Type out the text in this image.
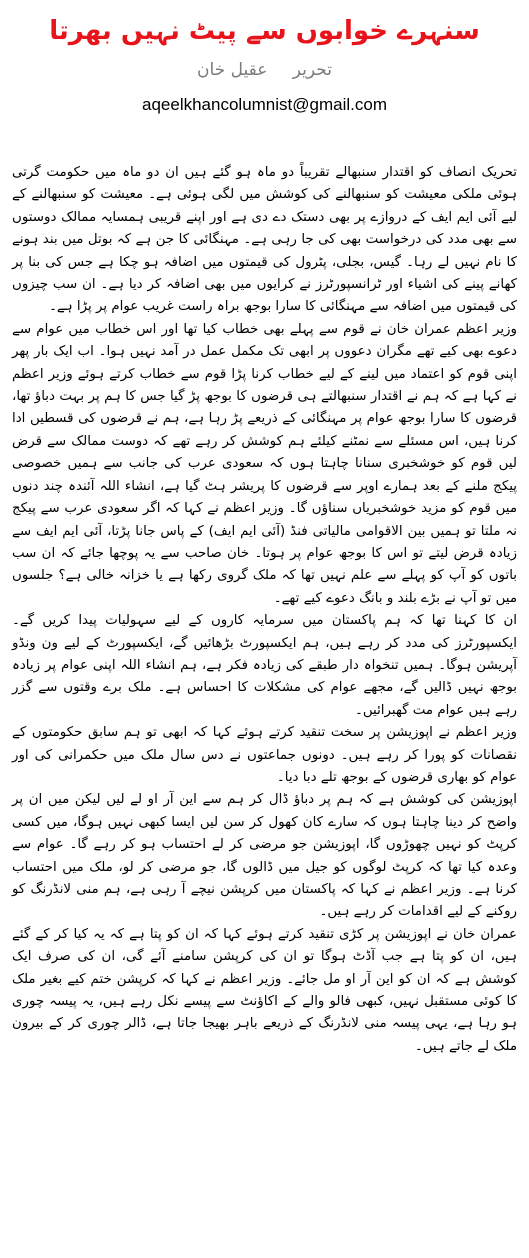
سنہرے خوابوں سے پیٹ نہیں بھرتا
تحریر عقیل خان
aqeelkhancolumnist@gmail.com

تحریک انصاف کو اقتدار سنبھالے تقریباً دو ماہ ہو گئے ہیں ان دو ماہ میں حکومت گرتی ہوئی ملکی معیشت کو سنبھالنے کی کوشش میں لگی ہوئی ہے۔ معیشت کو سنبھالنے کے لیے آئی ایم ایف کے دروازے پر بھی دستک دے دی ہے اور اپنے قریبی ہمسایہ ممالک دوستوں سے بھی مدد کی درخواست بھی کی جا رہی ہے۔ مہنگائی کا جن ہے کہ بوتل میں بند ہونے کا نام نہیں لے رہا۔ گیس، بجلی، پٹرول کی قیمتوں میں اضافہ ہو چکا ہے جس کی بنا پر کھانے پینے کی اشیاء اور ٹرانسپورٹرز نے کرایوں میں بھی اضافہ کر دیا ہے۔ ان سب چیزوں کی قیمتوں میں اضافہ سے مہنگائی کا سارا بوجھ براہ راست غریب عوام پر پڑا ہے۔

وزیر اعظم عمران خان نے قوم سے پہلے بھی خطاب کیا تھا اور اس خطاب میں عوام سے دعوے بھی کیے تھے مگران دعووں پر ابھی تک مکمل عمل در آمد نہیں ہوا۔ اب ایک بار پھر اپنی قوم کو اعتماد میں لینے کے لیے خطاب کرنا پڑا قوم سے خطاب کرتے ہوئے وزیر اعظم نے کہا ہے کہ ہم نے اقتدار سنبھالتے ہی قرضوں کا بوجھ پڑ گیا جس کا ہم پر بہت دباؤ تھا، قرضوں کا سارا بوجھ عوام پر مہنگائی کے ذریعے پڑ رہا ہے، ہم نے قرضوں کی قسطیں ادا کرنا ہیں، اس مسئلے سے نمٹنے کیلئے ہم کوشش کر رہے تھے کہ دوست ممالک سے قرض لیں قوم کو خوشخبری سنانا چاہتا ہوں کہ سعودی عرب کی جانب سے ہمیں خصوصی پیکج ملنے کے بعد ہمارے اوپر سے قرضوں کا پریشر ہٹ گیا ہے، انشاء اللہ آئندہ چند دنوں میں قوم کو مزید خوشخبریاں سناؤں گا۔ وزیر اعظم نے کہا کہ اگر سعودی عرب سے پیکج نہ ملتا تو ہمیں بین الاقوامی مالیاتی فنڈ (آئی ایم ایف) کے پاس جانا پڑتا، آئی ایم ایف سے زیادہ قرض لیتے تو اس کا بوجھ عوام پر ہوتا۔ خان صاحب سے یہ پوچھا جائے کہ ان سب باتوں کو آپ کو پہلے سے علم نہیں تھا کہ ملک گروی رکھا ہے یا خزانہ خالی ہے؟ جلسوں میں تو آپ نے بڑے بلند و بانگ دعوے کیے تھے۔

ان کا کہنا تھا کہ ہم پاکستان میں سرمایہ کاروں کے لیے سہولیات پیدا کریں گے۔ ایکسپورٹرز کی مدد کر رہے ہیں، ہم ایکسپورٹ بڑھائیں گے، ایکسپورٹ کے لیے ون ونڈو آپریشن ہوگا۔ ہمیں تنخواہ دار طبقے کی زیادہ فکر ہے، ہم انشاء اللہ اپنی عوام پر زیادہ بوجھ نہیں ڈالیں گے، مجھے عوام کی مشکلات کا احساس ہے۔ ملک برے وقتوں سے گزر رہے ہیں عوام مت گھبرائیں۔

وزیر اعظم نے اپوزیشن پر سخت تنقید کرتے ہوئے کہا کہ ابھی تو ہم سابق حکومتوں کے نقصانات کو پورا کر رہے ہیں۔ دونوں جماعتوں نے دس سال ملک میں حکمرانی کی اور عوام کو بھاری قرضوں کے بوجھ تلے دبا دیا۔

اپوزیشن کی کوشش ہے کہ ہم پر دباؤ ڈال کر ہم سے این آر او لے لیں لیکن میں ان پر واضح کر دینا چاہتا ہوں کہ سارے کان کھول کر سن لیں ایسا کبھی نہیں ہوگا، میں کسی کرپٹ کو نہیں چھوڑوں گا، اپوزیشن جو مرضی کر لے احتساب ہو کر رہے گا۔ عوام سے وعدہ کیا تھا کہ کرپٹ لوگوں کو جیل میں ڈالوں گا، جو مرضی کر لو، ملک میں احتساب کرنا ہے۔ وزیر اعظم نے کہا کہ پاکستان میں کرپشن نیچے آ رہی ہے، ہم منی لانڈرنگ کو روکنے کے لیے اقدامات کر رہے ہیں۔

عمران خان نے اپوزیشن پر کڑی تنقید کرتے ہوئے کہا کہ ان کو پتا ہے کہ یہ کیا کر کے گئے ہیں، ان کو پتا ہے جب آڈٹ ہوگا تو ان کی کرپشن سامنے آئے گی، ان کی صرف ایک کوشش ہے کہ ان کو این آر او مل جائے۔ وزیر اعظم نے کہا کہ کرپشن ختم کیے بغیر ملک کا کوئی مستقبل نہیں، کبھی فالو والے کے اکاؤنٹ سے پیسے نکل رہے ہیں، یہ پیسہ چوری ہو رہا ہے، یہی پیسہ منی لانڈرنگ کے ذریعے باہر بھیجا جاتا ہے، ڈالر چوری کر کے بیرون ملک لے جاتے ہیں۔
